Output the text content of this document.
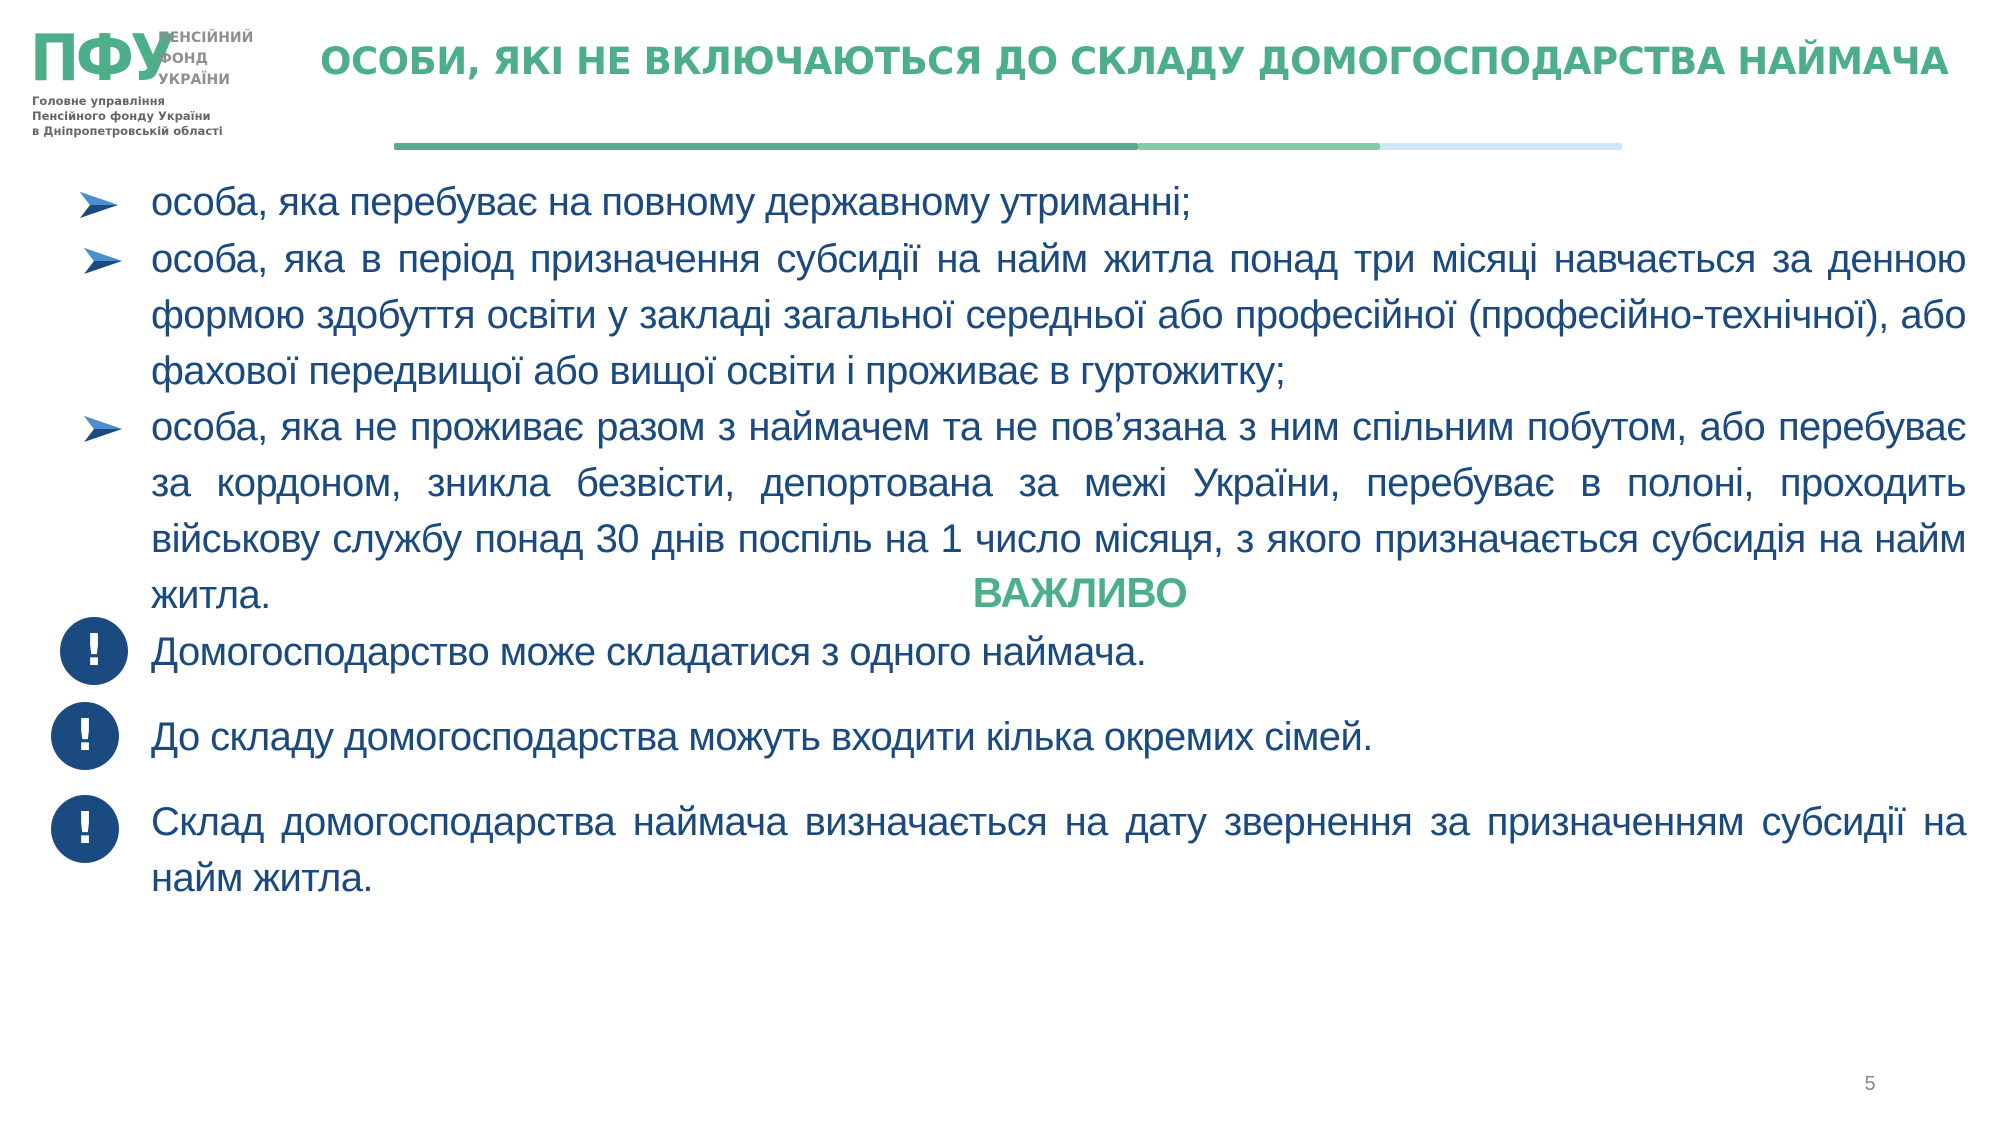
ПФУ
ПЕНСІЙНИЙ
ФОНД
УКРАЇНИ
Головне управління
Пенсійного фонду України
в Дніпропетровській області
ОСОБИ, ЯКІ НЕ ВКЛЮЧАЮТЬСЯ ДО СКЛАДУ ДОМОГОСПОДАРСТВА НАЙМАЧА
особа, яка перебуває на повному державному утриманні;
особа, яка в період призначення субсидії на найм житла понад три місяці навчається за денною формою здобуття освіти у закладі загальної середньої або професійної (професійно-технічної), або фахової передвищої або вищої освіти і проживає в гуртожитку;
особа, яка не проживає разом з наймачем та не пов’язана з ним спільним побутом, або перебуває за кордоном, зникла безвісти, депортована за межі України, перебуває в полоні, проходить військову службу понад 30 днів поспіль на 1 число місяця, з якого призначається субсидія на найм житла.	ВАЖЛИВО
!	Домогосподарство може складатися з одного наймача.
!	До складу домогосподарства можуть входити кілька окремих сімей.
!	Склад домогосподарства наймача визначається на дату звернення за призначенням субсидії на найм житла.
5
